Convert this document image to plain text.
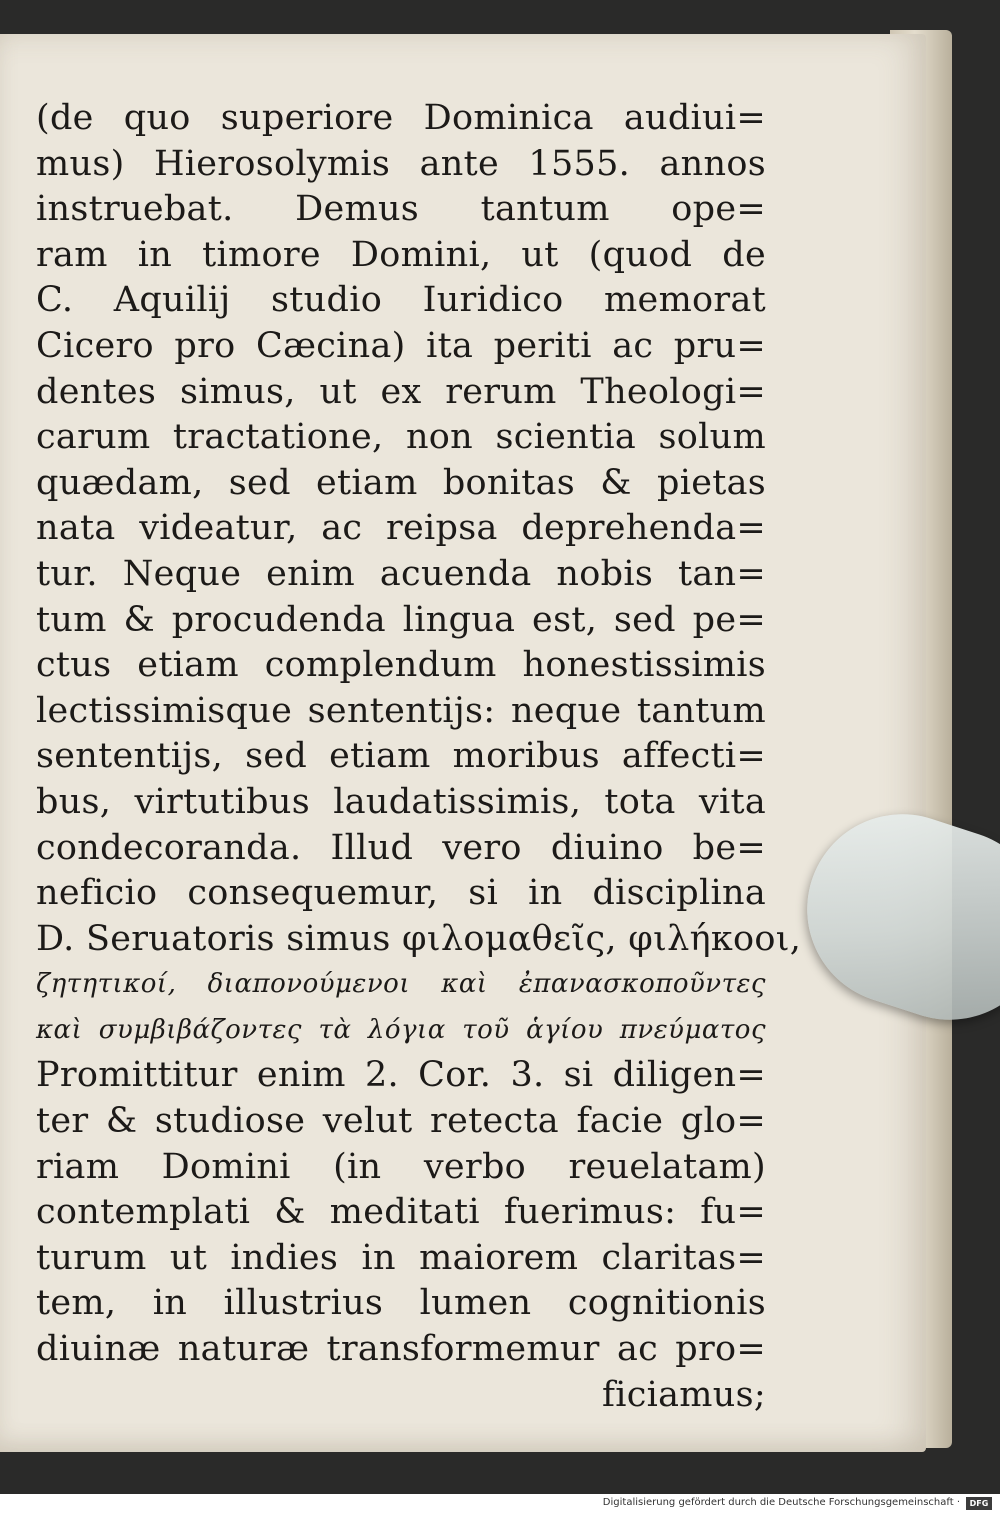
(de quo superiore Dominica audiui=
mus) Hierosolymis ante 1555. annos
instruebat. Demus tantum ope=
ram in timore Domini, ut (quod de
C. Aquilij studio Iuridico memorat
Cicero pro Cæcina) ita periti ac pru=
dentes simus, ut ex rerum Theologi=
carum tractatione, non scientia solum
quædam, sed etiam bonitas & pietas
nata videatur, ac reipsa deprehenda=
tur. Neque enim acuenda nobis tan=
tum & procudenda lingua est, sed pe=
ctus etiam complendum honestissimis
lectissimisque sententijs: neque tantum
sententijs, sed etiam moribus affecti=
bus, virtutibus laudatissimis, tota vita
condecoranda. Illud vero diuino be=
neficio consequemur, si in disciplina
D. Seruatoris simus φιλομαθεῖς, φιλήκοοι,
ζητητικοί, διαπονούμενοι καὶ ἐπανασκοποῦντες
καὶ συμβιβάζοντες τὰ λόγια τοῦ ἁγίου πνεύματος
Promittitur enim 2. Cor. 3. si diligen=
ter & studiose velut retecta facie glo=
riam Domini (in verbo reuelatam)
contemplati & meditati fuerimus: fu=
turum ut indies in maiorem claritas=
tem, in illustrius lumen cognitionis
diuinæ naturæ transformemur ac pro=
ficiamus;
Digitalisierung gefördert durch die Deutsche Forschungsgemeinschaft ·	DFG
